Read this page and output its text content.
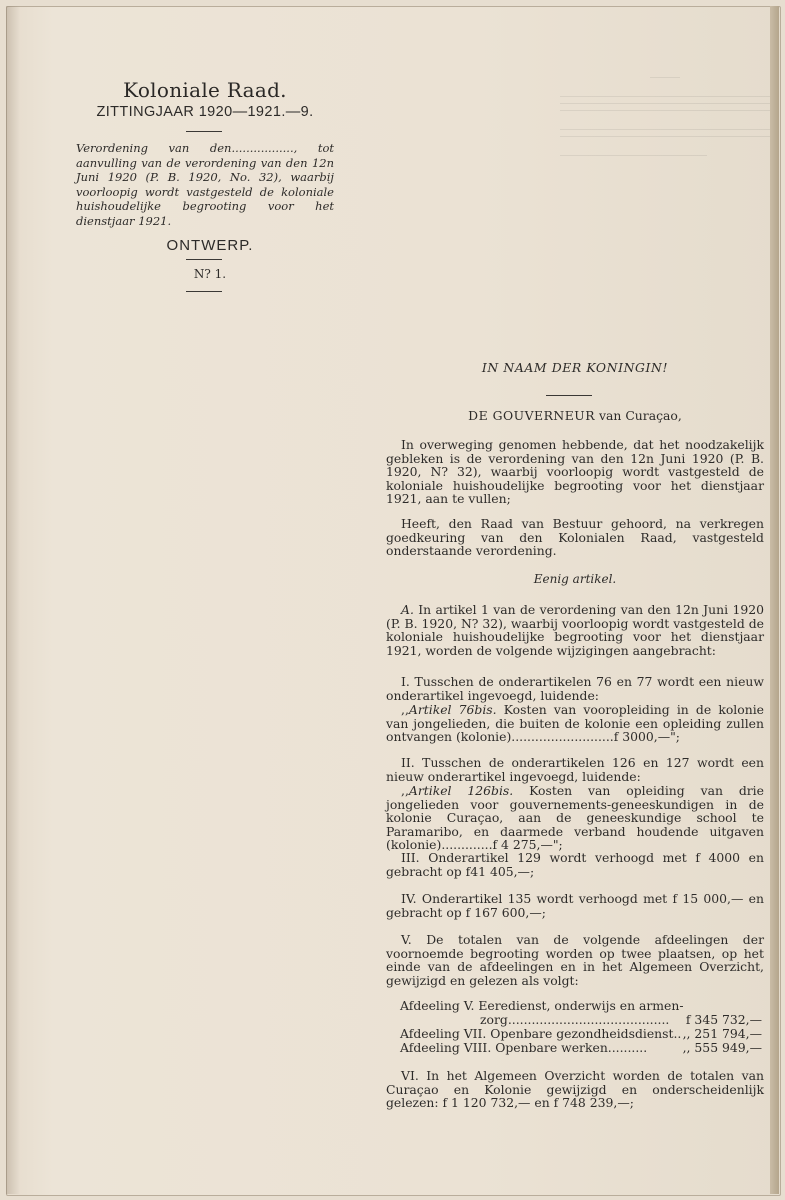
Koloniale Raad.
ZITTINGJAAR 1920—1921.—9.
Verordening van den................., tot aanvulling van de verordening van den 12n Juni 1920 (P. B. 1920, No. 32), waarbij voorloopig wordt vastgesteld de koloniale huishoudelijke begrooting voor het dienstjaar 1921.
ONTWERP.
N? 1.
IN NAAM DER KONINGIN!
DE GOUVERNEUR van Curaçao,
In overweging genomen hebbende, dat het noodzakelijk gebleken is de verordening van den 12n Juni 1920 (P. B. 1920, N? 32), waarbij voorloopig wordt vastgesteld de koloniale huishoudelijke begrooting voor het dienstjaar 1921, aan te vullen;
Heeft, den Raad van Bestuur gehoord, na verkregen goedkeuring van den Kolonialen Raad, vastgesteld onderstaande verordening.
Eenig artikel.
A. In artikel 1 van de verordening van den 12n Juni 1920 (P. B. 1920, N? 32), waarbij voorloopig wordt vastgesteld de koloniale huishoudelijke begrooting voor het dienstjaar 1921, worden de volgende wijzigingen aangebracht:
I. Tusschen de onderartikelen 76 en 77 wordt een nieuw onderartikel ingevoegd, luidende:
,,Artikel 76bis. Kosten van vooropleiding in de kolonie van jongelieden, die buiten de kolonie een opleiding zullen ontvangen (kolonie)..........................f 3000,—";
II. Tusschen de onderartikelen 126 en 127 wordt een nieuw onderartikel ingevoegd, luidende:
,,Artikel 126bis. Kosten van opleiding van drie jongelieden voor gouvernements-geneeskundigen in de kolonie Curaçao, aan de geneeskundige school te Paramaribo, en daarmede verband houdende uitgaven (kolonie).............f 4 275,—";
III. Onderartikel 129 wordt verhoogd met f 4000 en gebracht op f41 405,—;
IV. Onderartikel 135 wordt verhoogd met f 15 000,— en gebracht op f 167 600,—;
V. De totalen van de volgende afdeelingen der voornoemde begrooting worden op twee plaatsen, op het einde van de afdeelingen en in het Algemeen Overzicht, gewijzigd en gelezen als volgt:
Afdeeling V. Eeredienst, onderwijs en armen-
zorg......................................... f 345 732,—
Afdeeling VII. Openbare gezondheidsdienst.. ,, 251 794,—
Afdeeling VIII. Openbare werken..........	,, 555 949,—
VI. In het Algemeen Overzicht worden de totalen van Curaçao en Kolonie gewijzigd en onderscheidenlijk gelezen: f 1 120 732,— en f 748 239,—;
